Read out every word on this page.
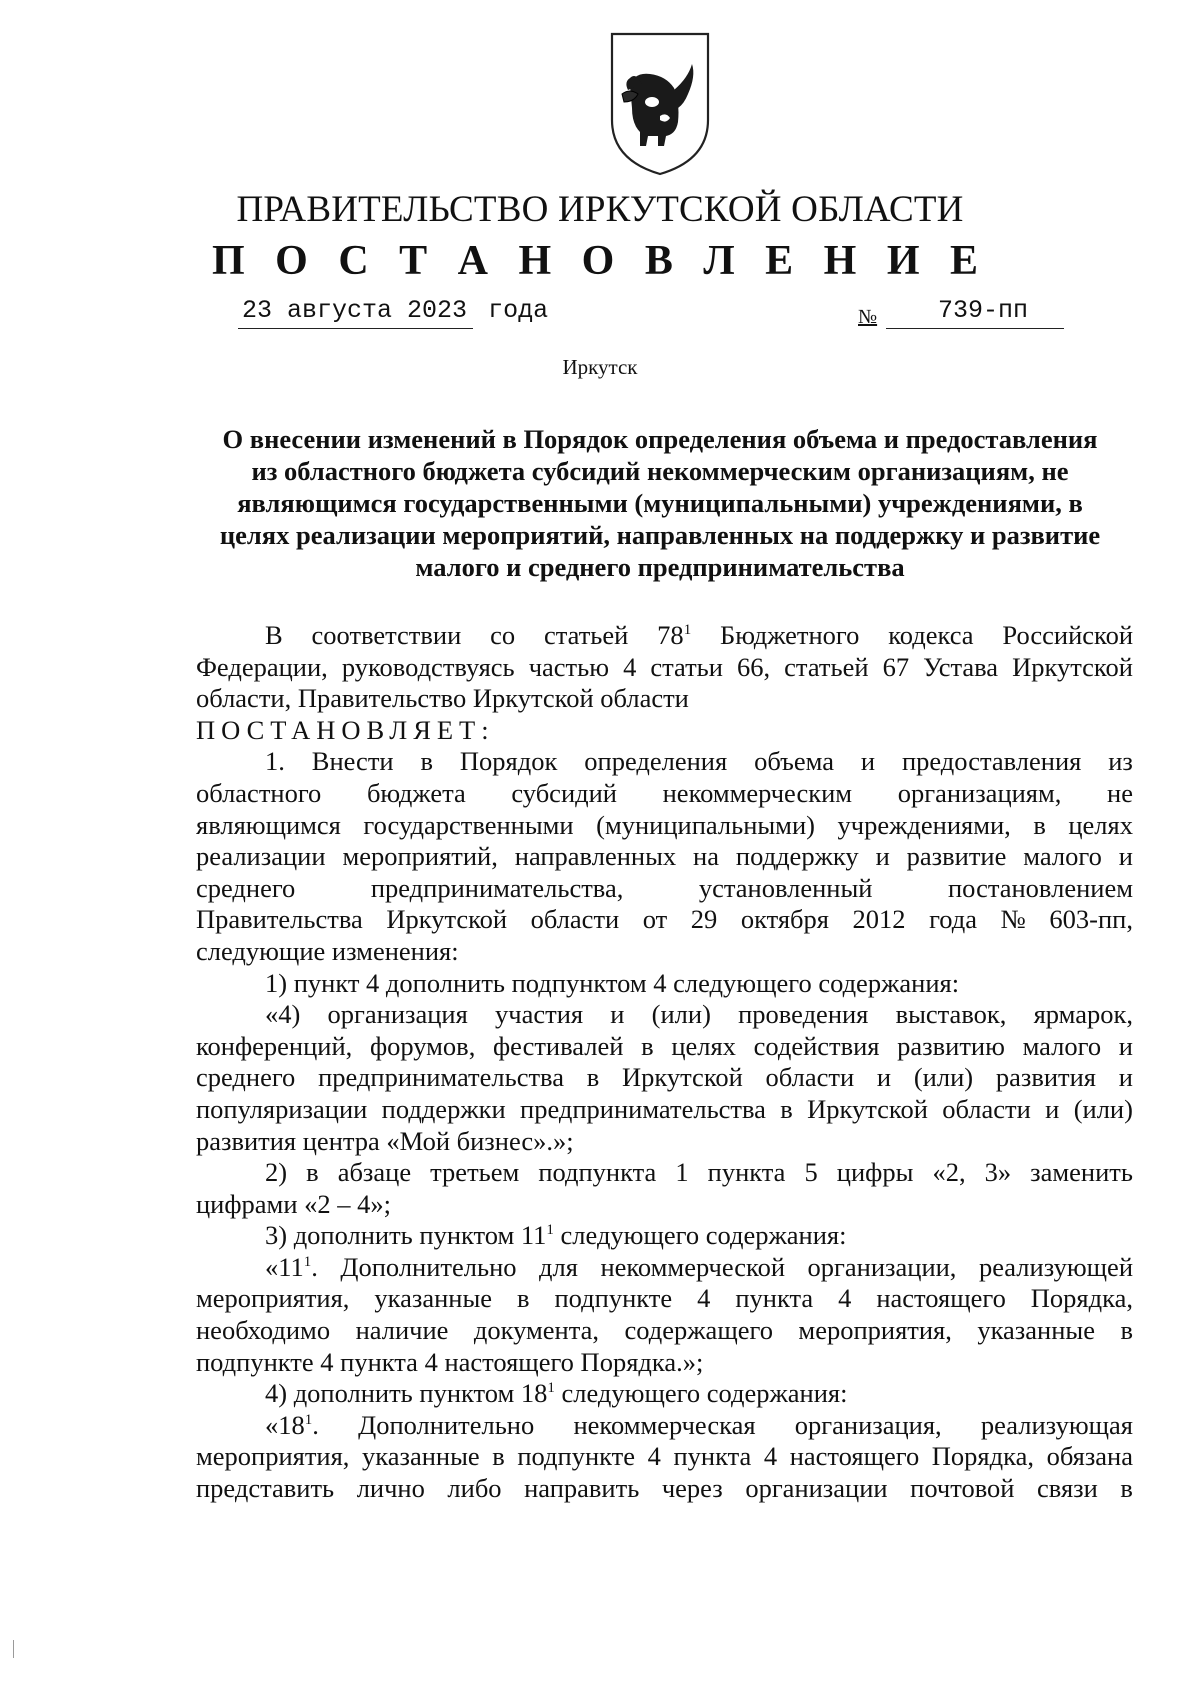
ПРАВИТЕЛЬСТВО ИРКУТСКОЙ ОБЛАСТИ
П О С Т А Н О В Л Е Н И Е
23 августа 2023 года	№	739-пп
Иркутск
О внесении изменений в Порядок определения объема и предоставления
из областного бюджета субсидий некоммерческим организациям, не
являющимся государственными (муниципальными) учреждениями, в
целях реализации мероприятий, направленных на поддержку и развитие
малого и среднего предпринимательства
В соответствии со статьей $78^1$ Бюджетного кодекса Российской
Федерации, руководствуясь частью 4 статьи 66, статьей 67 Устава Иркутской
области, Правительство Иркутской области
ПОСТАНОВЛЯЕТ:
1. Внести в Порядок определения объема и предоставления из
областного бюджета субсидий некоммерческим организациям, не
являющимся государственными (муниципальными) учреждениями, в целях
реализации мероприятий, направленных на поддержку и развитие малого и
среднего	предпринимательства,	установленный	постановлением
Правительства Иркутской области от 29 октября 2012 года № 603-пп,
следующие изменения:
1) пункт 4 дополнить подпунктом 4 следующего содержания:
«4) организация участия и (или) проведения выставок, ярмарок,
конференций, форумов, фестивалей в целях содействия развитию малого и
среднего предпринимательства в Иркутской области и (или) развития и
популяризации поддержки предпринимательства в Иркутской области и (или)
развития центра «Мой бизнес».»;
2) в абзаце третьем подпункта 1 пункта 5 цифры «2, 3» заменить
цифрами «2 – 4»;
3) дополнить пунктом $11^1$ следующего содержания:
«$11^1$. Дополнительно для некоммерческой организации, реализующей
мероприятия, указанные в подпункте 4 пункта 4 настоящего Порядка,
необходимо наличие документа, содержащего мероприятия, указанные в
подпункте 4 пункта 4 настоящего Порядка.»;
4) дополнить пунктом $18^1$ следующего содержания:
«$18^1$. Дополнительно некоммерческая организация, реализующая
мероприятия, указанные в подпункте 4 пункта 4 настоящего Порядка, обязана
представить лично либо направить через организации почтовой связи в
